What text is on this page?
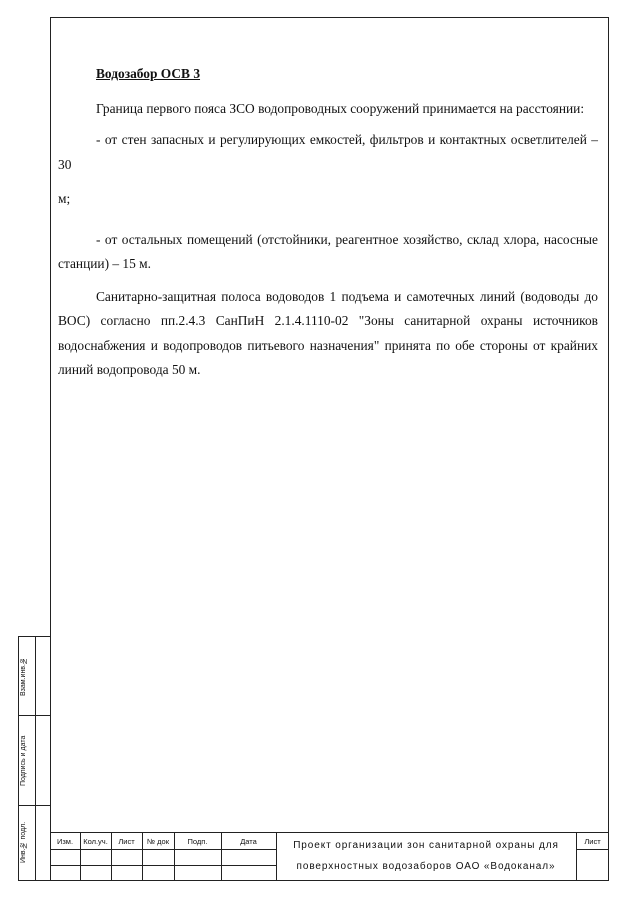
Водозабор ОСВ 3
Граница первого пояса ЗСО водопроводных сооружений принимается на расстоянии:
- от стен запасных и регулирующих емкостей, фильтров и контактных осветлителей – 30
м;
- от остальных помещений (отстойники, реагентное хозяйство, склад хлора, насосные
станции) – 15 м.
Санитарно-защитная полоса водоводов 1 подъема и самотечных линий (водоводы до
ВОС) согласно пп.2.4.3 СанПиН 2.1.4.1110-02 "Зоны санитарной охраны источников
водоснабжения и водопроводов питьевого назначения" принята по обе стороны от крайних
линий водопровода 50 м.
Взам.инв.№
Подпись и дата
Инв.№ подл.	Изм.	Кол.уч.	Лист	№ док	Подп.	Дата	Проект организации зон санитарной охраны для
поверхностных водозаборов ОАО «Водоканал»
Лист
